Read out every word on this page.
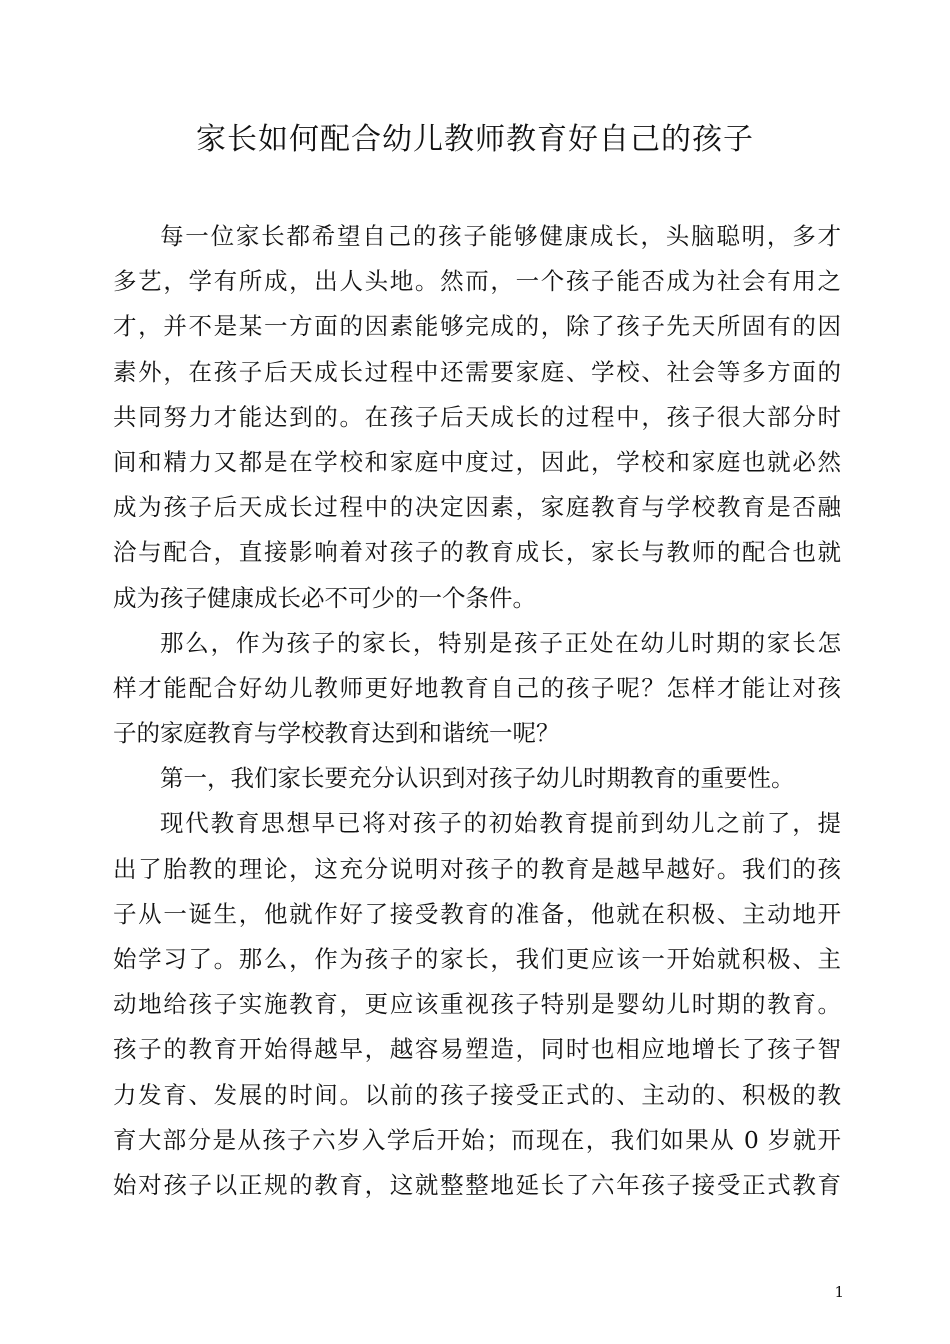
家长如何配合幼儿教师教育好自己的孩子
每一位家长都希望自己的孩子能够健康成长，头脑聪明，多才
多艺，学有所成，出人头地。然而，一个孩子能否成为社会有用之
才，并不是某一方面的因素能够完成的，除了孩子先天所固有的因
素外，在孩子后天成长过程中还需要家庭、学校、社会等多方面的
共同努力才能达到的。在孩子后天成长的过程中，孩子很大部分时
间和精力又都是在学校和家庭中度过，因此，学校和家庭也就必然
成为孩子后天成长过程中的决定因素，家庭教育与学校教育是否融
洽与配合，直接影响着对孩子的教育成长，家长与教师的配合也就
成为孩子健康成长必不可少的一个条件。
那么，作为孩子的家长，特别是孩子正处在幼儿时期的家长怎
样才能配合好幼儿教师更好地教育自己的孩子呢？怎样才能让对孩
子的家庭教育与学校教育达到和谐统一呢？
第一，我们家长要充分认识到对孩子幼儿时期教育的重要性。
现代教育思想早已将对孩子的初始教育提前到幼儿之前了，提
出了胎教的理论，这充分说明对孩子的教育是越早越好。我们的孩
子从一诞生，他就作好了接受教育的准备，他就在积极、主动地开
始学习了。那么，作为孩子的家长，我们更应该一开始就积极、主
动地给孩子实施教育，更应该重视孩子特别是婴幼儿时期的教育。
孩子的教育开始得越早，越容易塑造，同时也相应地增长了孩子智
力发育、发展的时间。以前的孩子接受正式的、主动的、积极的教
育大部分是从孩子六岁入学后开始；而现在，我们如果从 0 岁就开
始对孩子以正规的教育，这就整整地延长了六年孩子接受正式教育
1
